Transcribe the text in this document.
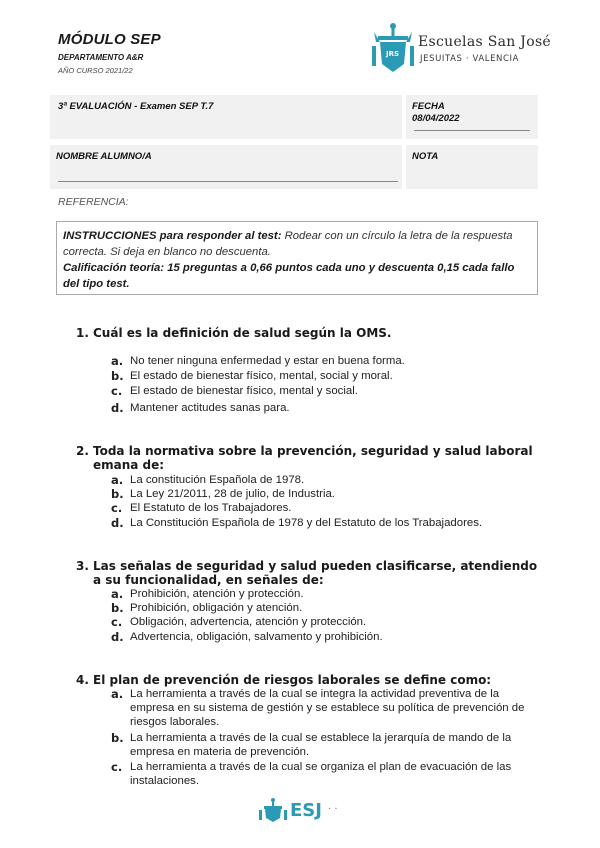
MÓDULO SEP
DEPARTAMENTO A&R
AÑO CURSO 2021/22
JRS
Escuelas San José
JESUITAS · VALENCIA
3ª EVALUACIÓN - Examen SEP T.7	FECHA
08/04/2022
NOMBRE ALUMNO/A	NOTA
REFERENCIA:
INSTRUCCIONES para responder al test: Rodear con un círculo la letra de la respuesta correcta. Si deja en blanco no descuenta.
Calificación teoría: 15 preguntas a 0,66 puntos cada uno y descuenta 0,15 cada fallo del tipo test.
1. Cuál es la definición de salud según la OMS.
a. No tener ninguna enfermedad y estar en buena forma.
b. El estado de bienestar físico, mental, social y moral.
c. El estado de bienestar físico, mental y social.
d. Mantener actitudes sanas para.
2. Toda la normativa sobre la prevención, seguridad y salud laboral emana de:
a. La constitución Española de 1978.
b. La Ley 21/2011, 28 de julio, de Industria.
c. El Estatuto de los Trabajadores.
d. La Constitución Española de 1978 y del Estatuto de los Trabajadores.
3. Las señalas de seguridad y salud pueden clasificarse, atendiendo a su funcionalidad, en señales de:
a. Prohibición, atención y protección.
b. Prohibición, obligación y atención.
c. Obligación, advertencia, atención y protección.
d. Advertencia, obligación, salvamento y prohibición.
4. El plan de prevención de riesgos laborales se define como:
a. La herramienta a través de la cual se integra la actividad preventiva de la empresa en su sistema de gestión y se establece su política de prevención de riesgos laborales.
b. La herramienta a través de la cual se establece la jerarquía de mando de la empresa en materia de prevención.
c. La herramienta a través de la cual se organiza el plan de evacuación de las instalaciones.
ESJ · ·
